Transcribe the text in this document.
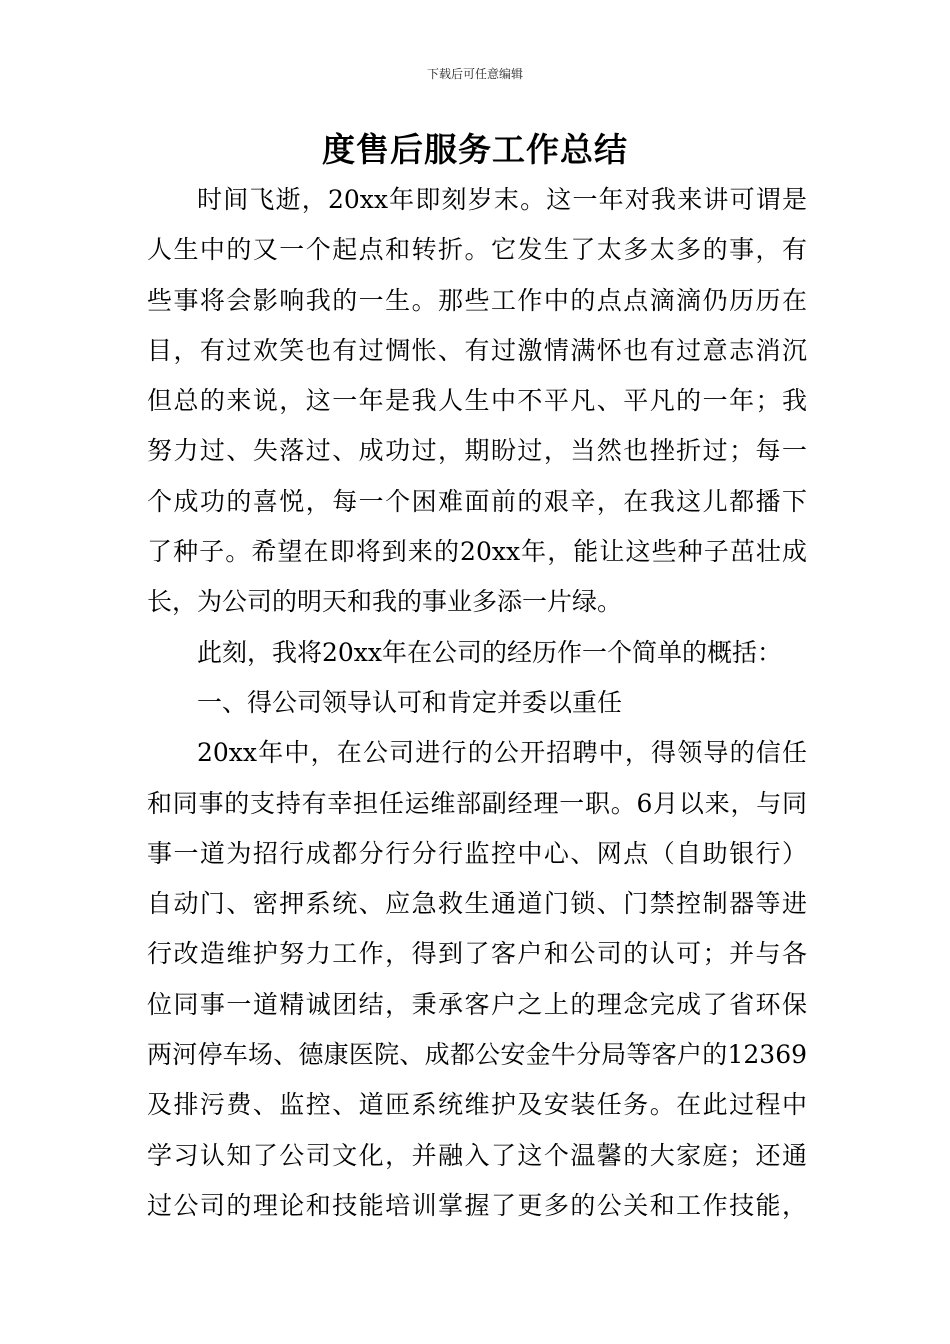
下载后可任意编辑
度售后服务工作总结
时间飞逝，20xx年即刻岁末。这一年对我来讲可谓是
人生中的又一个起点和转折。它发生了太多太多的事，有
些事将会影响我的一生。那些工作中的点点滴滴仍历历在
目，有过欢笑也有过惆怅、有过激情满怀也有过意志消沉
但总的来说，这一年是我人生中不平凡、平凡的一年；我
努力过、失落过、成功过，期盼过，当然也挫折过；每一
个成功的喜悦，每一个困难面前的艰辛，在我这儿都播下
了种子。希望在即将到来的20xx年，能让这些种子茁壮成
长，为公司的明天和我的事业多添一片绿。
此刻，我将20xx年在公司的经历作一个简单的概括：
一、得公司领导认可和肯定并委以重任
20xx年中，在公司进行的公开招聘中，得领导的信任
和同事的支持有幸担任运维部副经理一职。6月以来，与同
事一道为招行成都分行分行监控中心、网点（自助银行）
自动门、密押系统、应急救生通道门锁、门禁控制器等进
行改造维护努力工作，得到了客户和公司的认可；并与各
位同事一道精诚团结，秉承客户之上的理念完成了省环保
两河停车场、德康医院、成都公安金牛分局等客户的12369
及排污费、监控、道匝系统维护及安装任务。在此过程中
学习认知了公司文化，并融入了这个温馨的大家庭；还通
过公司的理论和技能培训掌握了更多的公关和工作技能，
